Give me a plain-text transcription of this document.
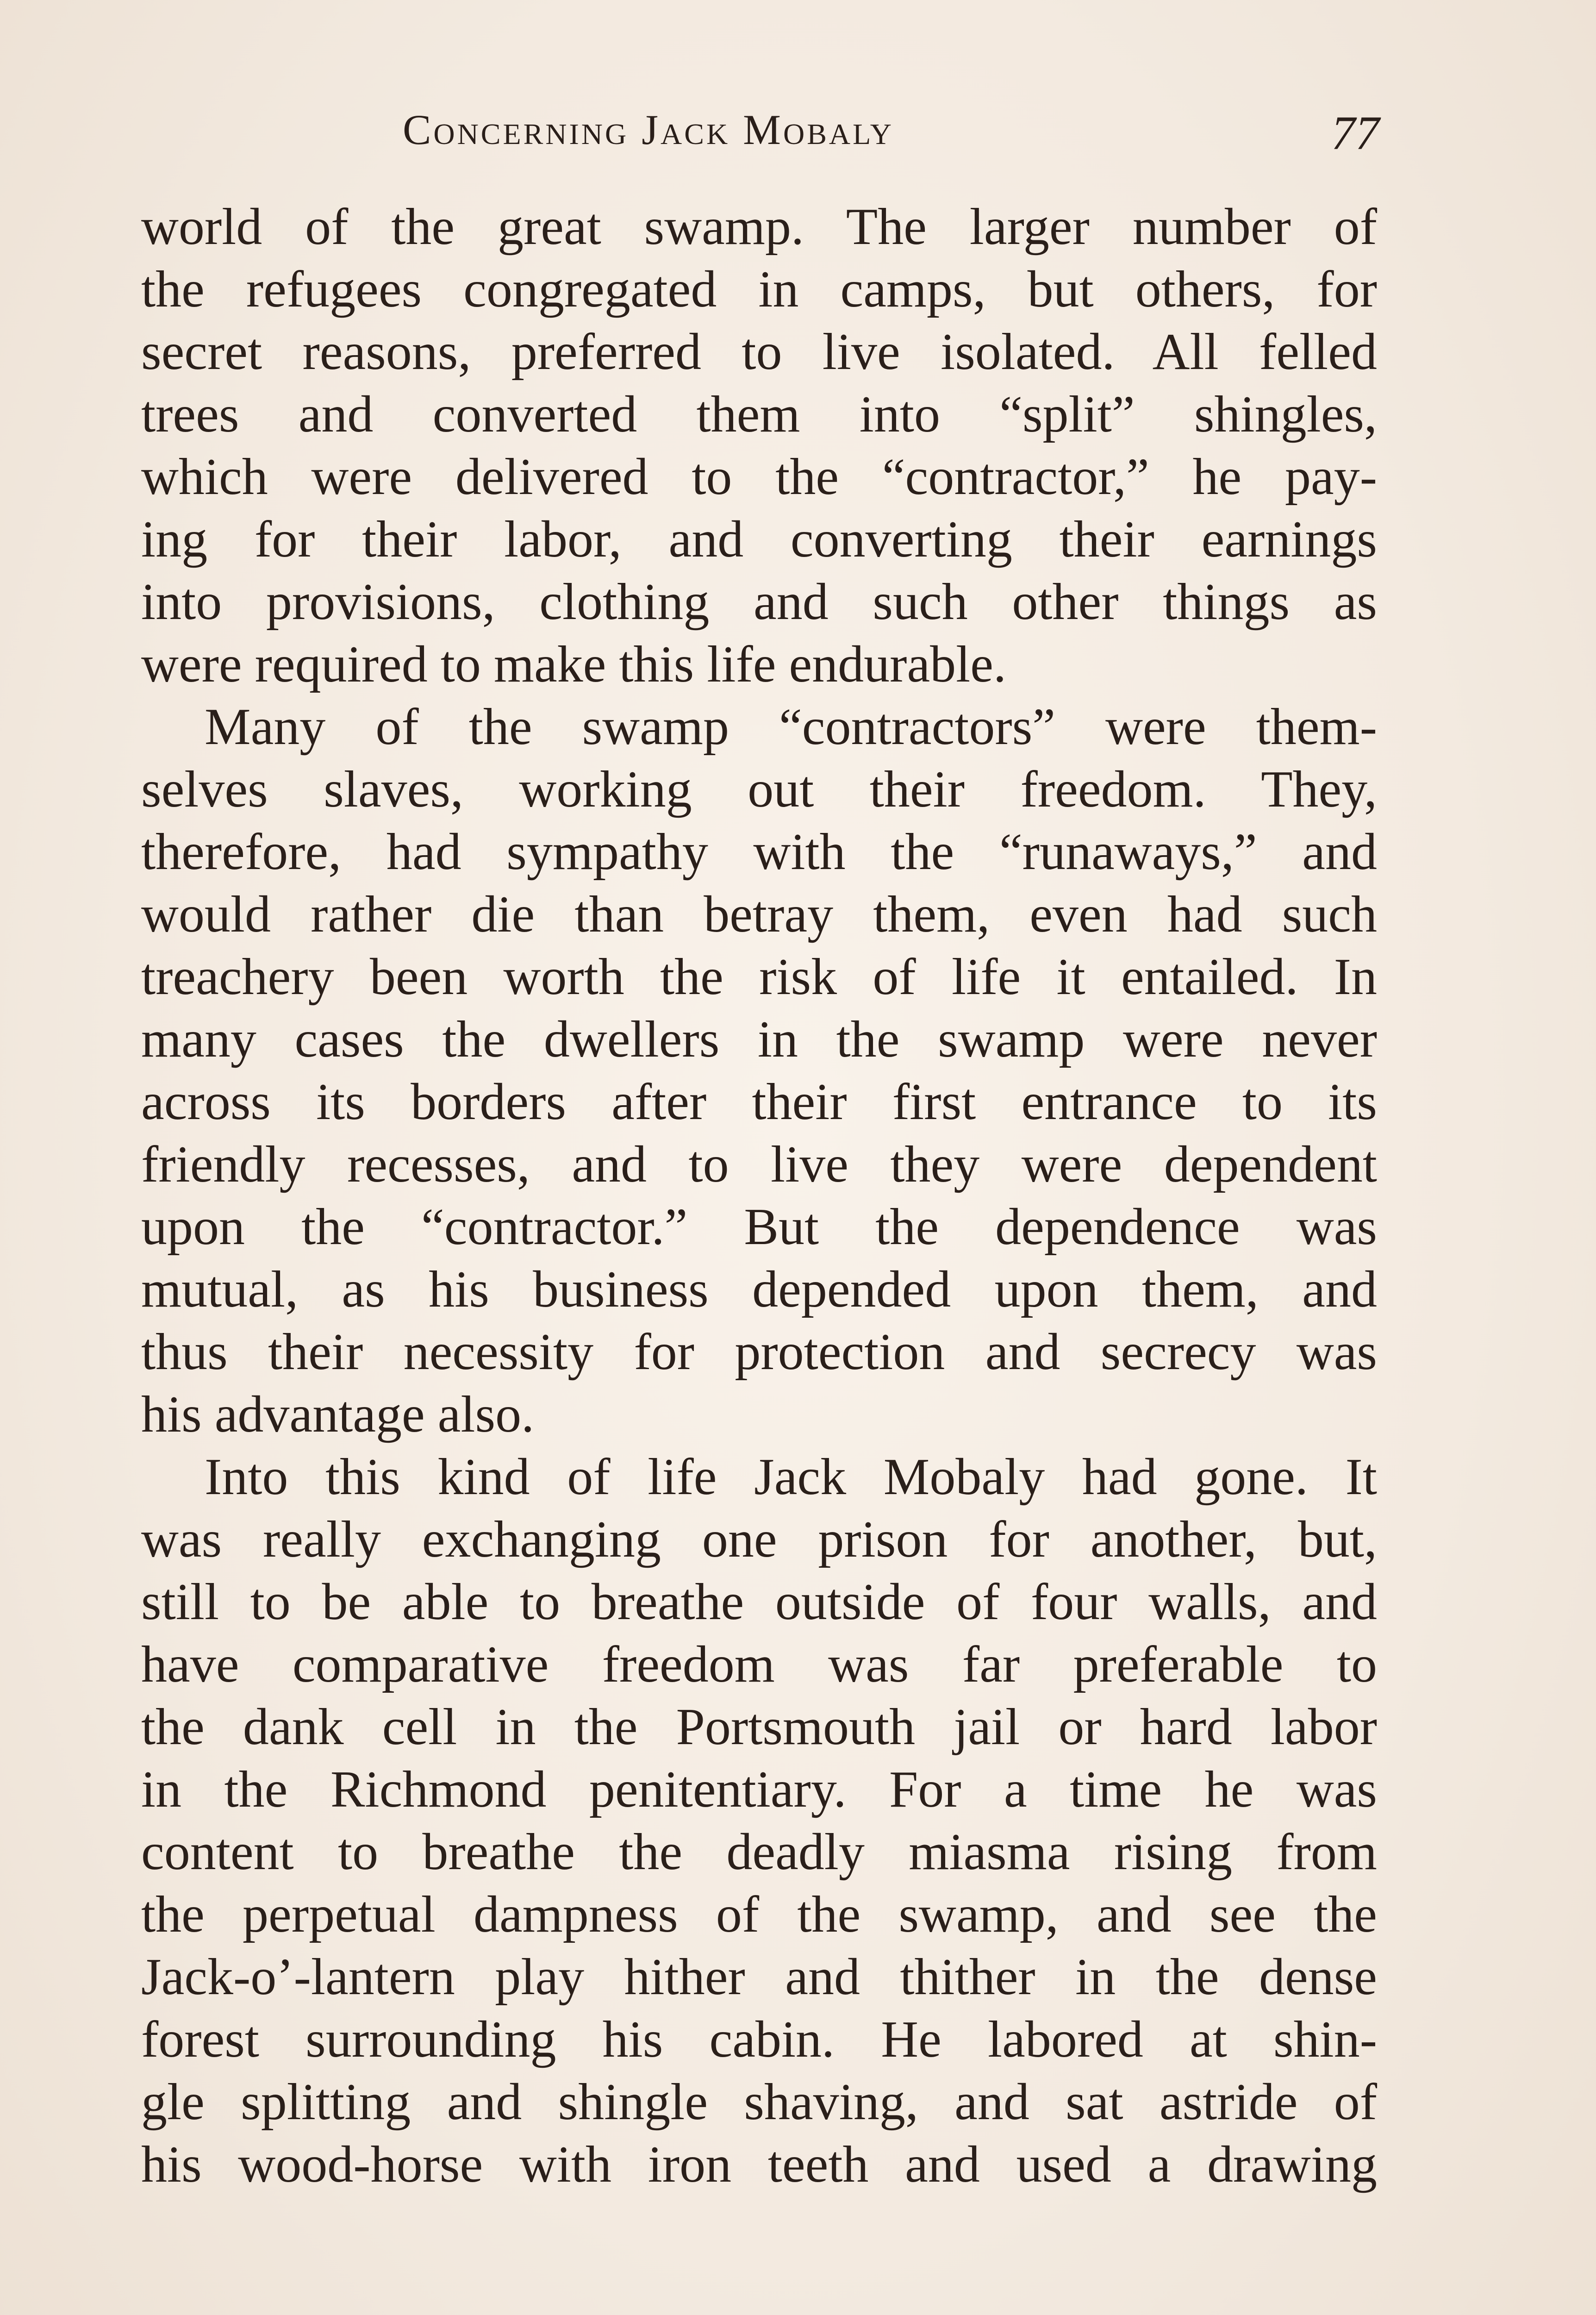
Concerning Jack Mobaly	77
world of the great swamp. The larger number of
the refugees congregated in camps, but others, for
secret reasons, preferred to live isolated. All felled
trees and converted them into “split” shingles,
which were delivered to the “contractor,” he pay-
ing for their labor, and converting their earnings
into provisions, clothing and such other things as
were required to make this life endurable.
Many of the swamp “contractors” were them-
selves slaves, working out their freedom. They,
therefore, had sympathy with the “runaways,” and
would rather die than betray them, even had such
treachery been worth the risk of life it entailed. In
many cases the dwellers in the swamp were never
across its borders after their first entrance to its
friendly recesses, and to live they were dependent
upon the “contractor.” But the dependence was
mutual, as his business depended upon them, and
thus their necessity for protection and secrecy was
his advantage also.
Into this kind of life Jack Mobaly had gone. It
was really exchanging one prison for another, but,
still to be able to breathe outside of four walls, and
have comparative freedom was far preferable to
the dank cell in the Portsmouth jail or hard labor
in the Richmond penitentiary. For a time he was
content to breathe the deadly miasma rising from
the perpetual dampness of the swamp, and see the
Jack-o’-lantern play hither and thither in the dense
forest surrounding his cabin. He labored at shin-
gle splitting and shingle shaving, and sat astride of
his wood-horse with iron teeth and used a drawing
